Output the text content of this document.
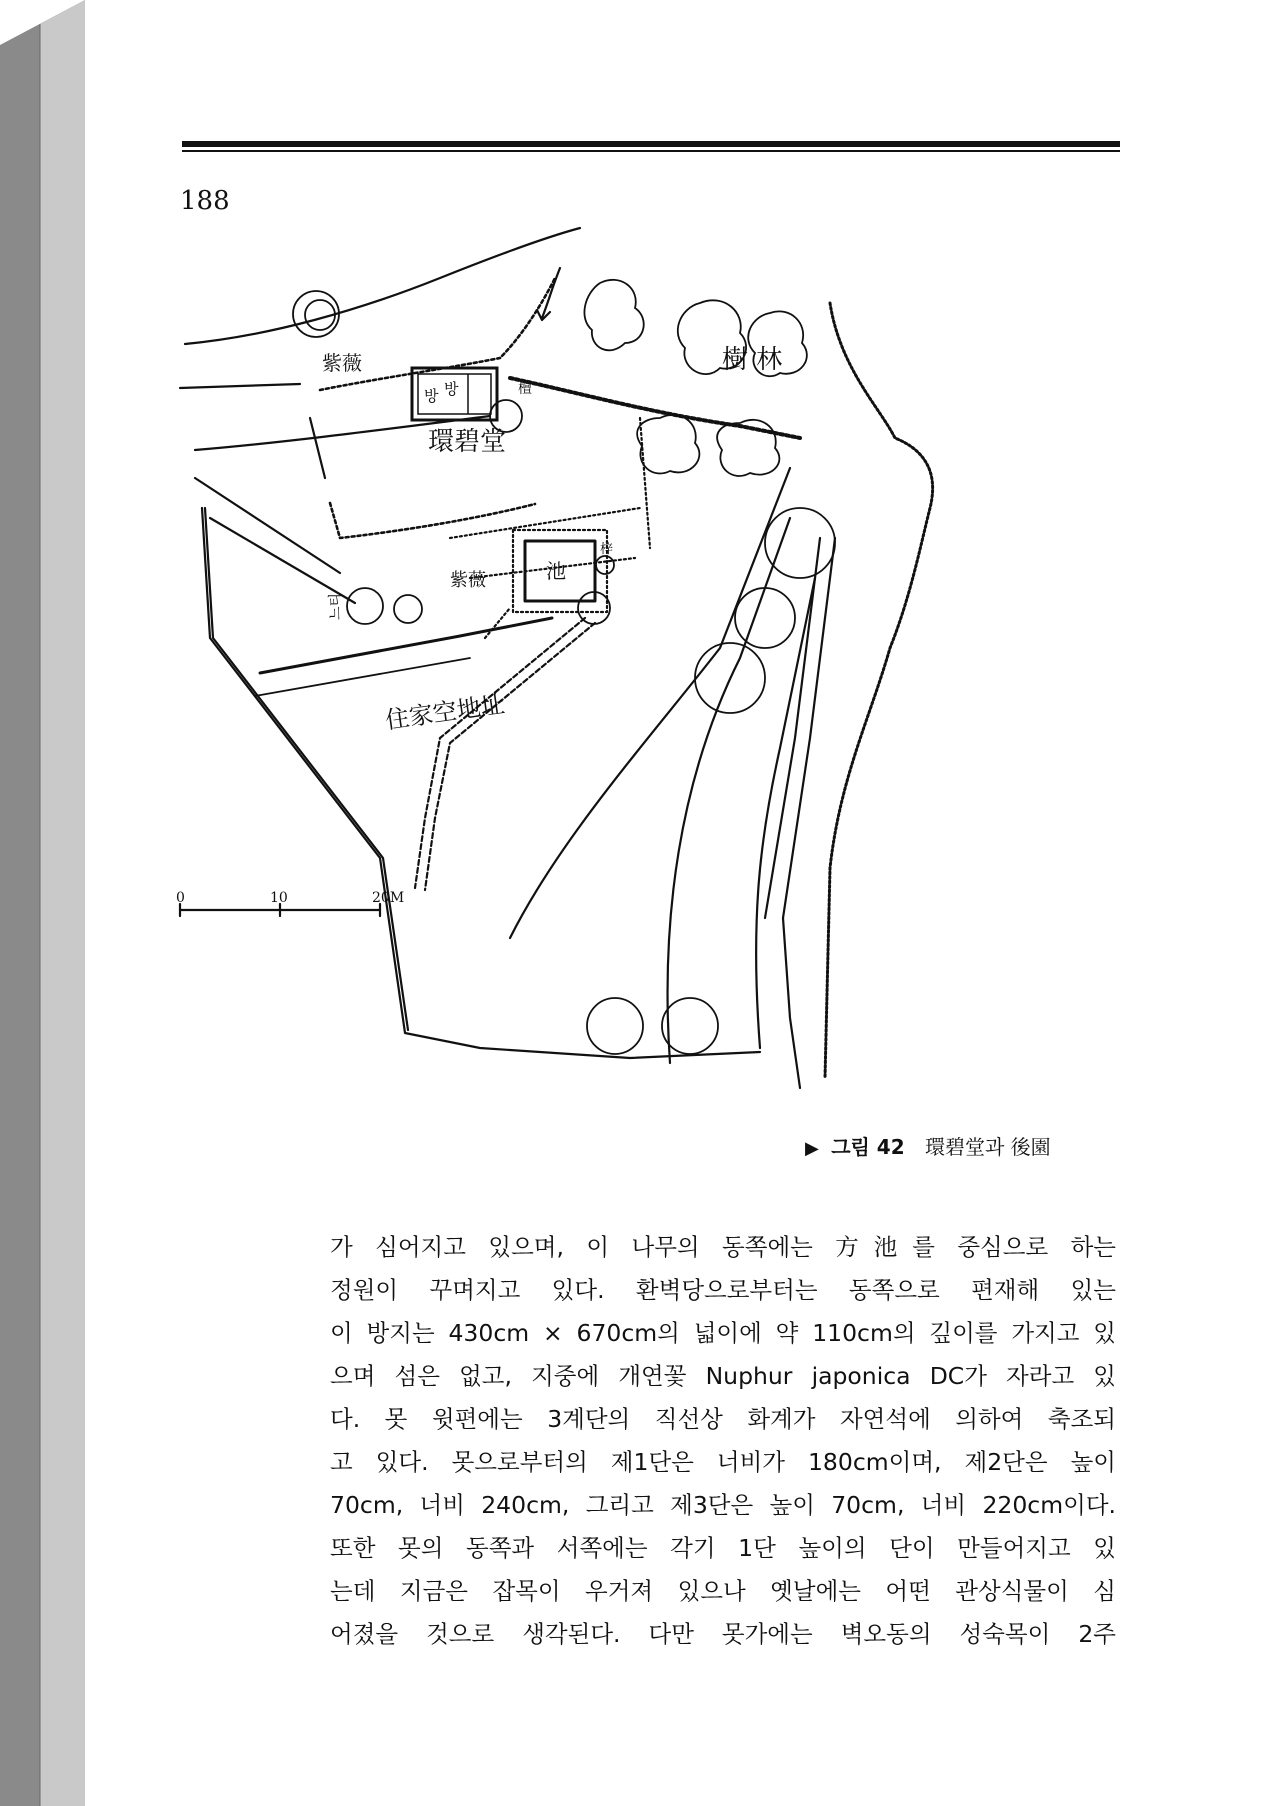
188
樹 林
紫薇
방 방
環碧堂
檀
紫薇	池
梓
느티
住家空地址
0	10	20M
▶ 그림 42 環碧堂과 後園

가 심어지고 있으며, 이 나무의 동쪽에는 方池를 중심으로 하는

정원이 꾸며지고 있다. 환벽당으로부터는 동쪽으로 편재해 있는

이 방지는 430cm × 670cm의 넓이에 약 110cm의 깊이를 가지고 있

으며 섬은 없고, 지중에 개연꽃 Nuphur japonica DC가 자라고 있

다. 못 윗편에는 3계단의 직선상 화계가 자연석에 의하여 축조되

고 있다. 못으로부터의 제1단은 너비가 180cm이며, 제2단은 높이

70cm, 너비 240cm, 그리고 제3단은 높이 70cm, 너비 220cm이다.

또한 못의 동쪽과 서쪽에는 각기 1단 높이의 단이 만들어지고 있

는데 지금은 잡목이 우거져 있으나 옛날에는 어떤 관상식물이 심

어졌을 것으로 생각된다. 다만 못가에는 벽오동의 성숙목이 2주
